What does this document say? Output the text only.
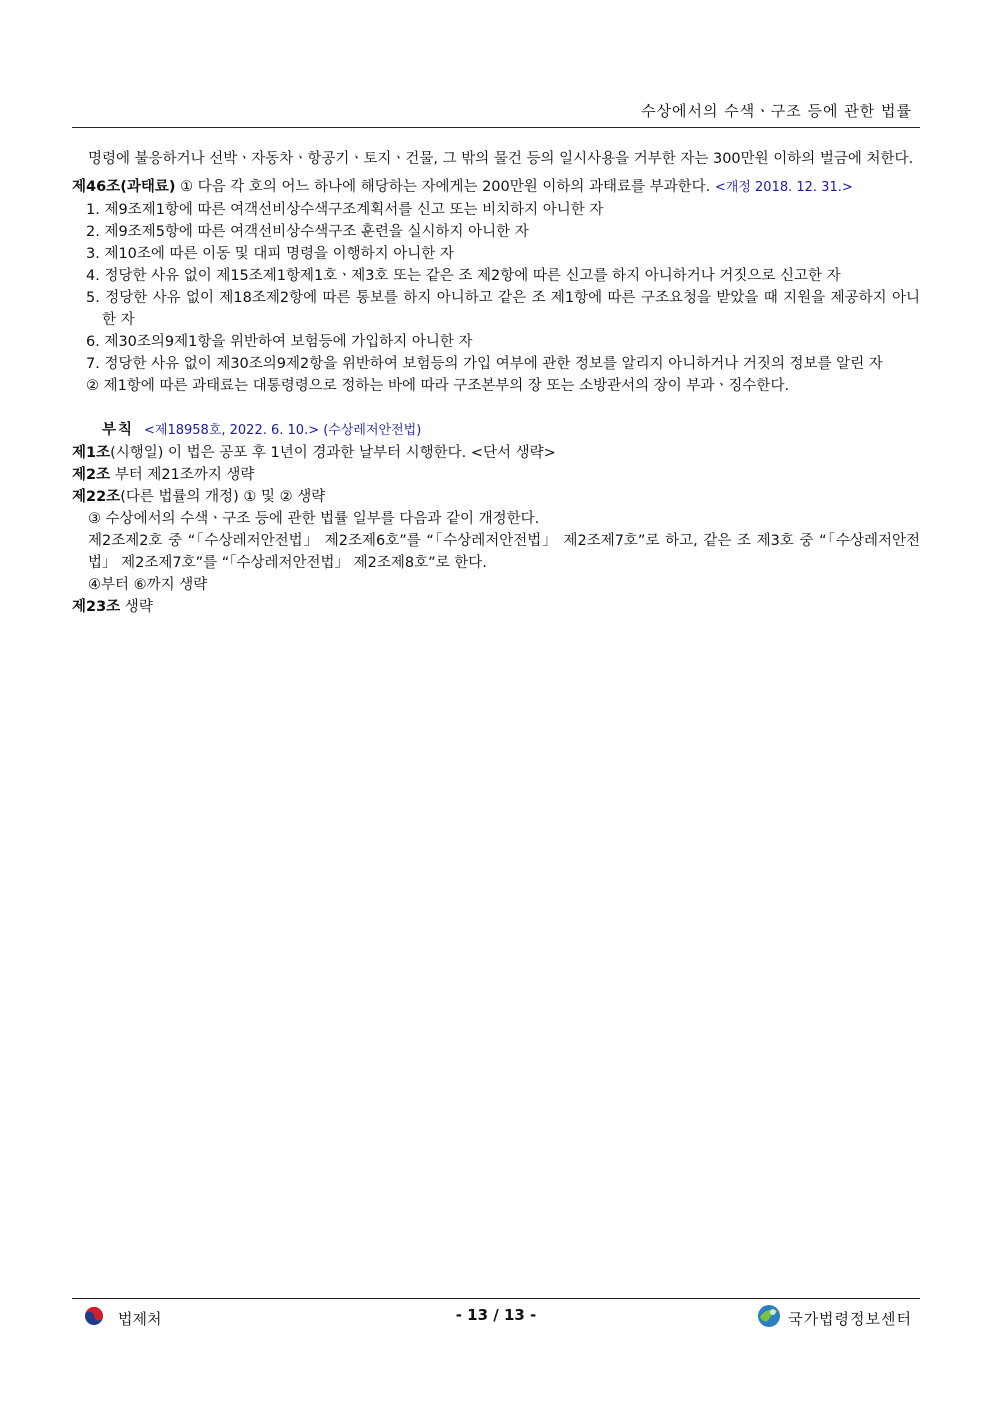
수상에서의 수색ㆍ구조 등에 관한 법률

명령에 불응하거나 선박ㆍ자동차ㆍ항공기ㆍ토지ㆍ건물, 그 밖의 물건 등의 일시사용을 거부한 자는 300만원 이하의 벌금에 처한다.

제46조(과태료) ① 다음 각 호의 어느 하나에 해당하는 자에게는 200만원 이하의 과태료를 부과한다. <개정 2018. 12. 31.>

1. 제9조제1항에 따른 여객선비상수색구조계획서를 신고 또는 비치하지 아니한 자

2. 제9조제5항에 따른 여객선비상수색구조 훈련을 실시하지 아니한 자

3. 제10조에 따른 이동 및 대피 명령을 이행하지 아니한 자

4. 정당한 사유 없이 제15조제1항제1호ㆍ제3호 또는 같은 조 제2항에 따른 신고를 하지 아니하거나 거짓으로 신고한 자

5. 정당한 사유 없이 제18조제2항에 따른 통보를 하지 아니하고 같은 조 제1항에 따른 구조요청을 받았을 때 지원을 제공하지 아니한 자

6. 제30조의9제1항을 위반하여 보험등에 가입하지 아니한 자

7. 정당한 사유 없이 제30조의9제2항을 위반하여 보험등의 가입 여부에 관한 정보를 알리지 아니하거나 거짓의 정보를 알린 자

② 제1항에 따른 과태료는 대통령령으로 정하는 바에 따라 구조본부의 장 또는 소방관서의 장이 부과ㆍ징수한다.

부칙 <제18958호, 2022. 6. 10.> (수상레저안전법)

제1조(시행일) 이 법은 공포 후 1년이 경과한 날부터 시행한다. <단서 생략>

제2조 부터 제21조까지 생략

제22조(다른 법률의 개정) ① 및 ② 생략

③ 수상에서의 수색ㆍ구조 등에 관한 법률 일부를 다음과 같이 개정한다.

제2조제2호 중 “「수상레저안전법」 제2조제6호”를 “「수상레저안전법」 제2조제7호”로 하고, 같은 조 제3호 중 “「수상레저안전법」 제2조제7호”를 “「수상레저안전법」 제2조제8호”로 한다.

④부터 ⑥까지 생략

제23조 생략

법제처	- 13 / 13 -	국가법령정보센터
